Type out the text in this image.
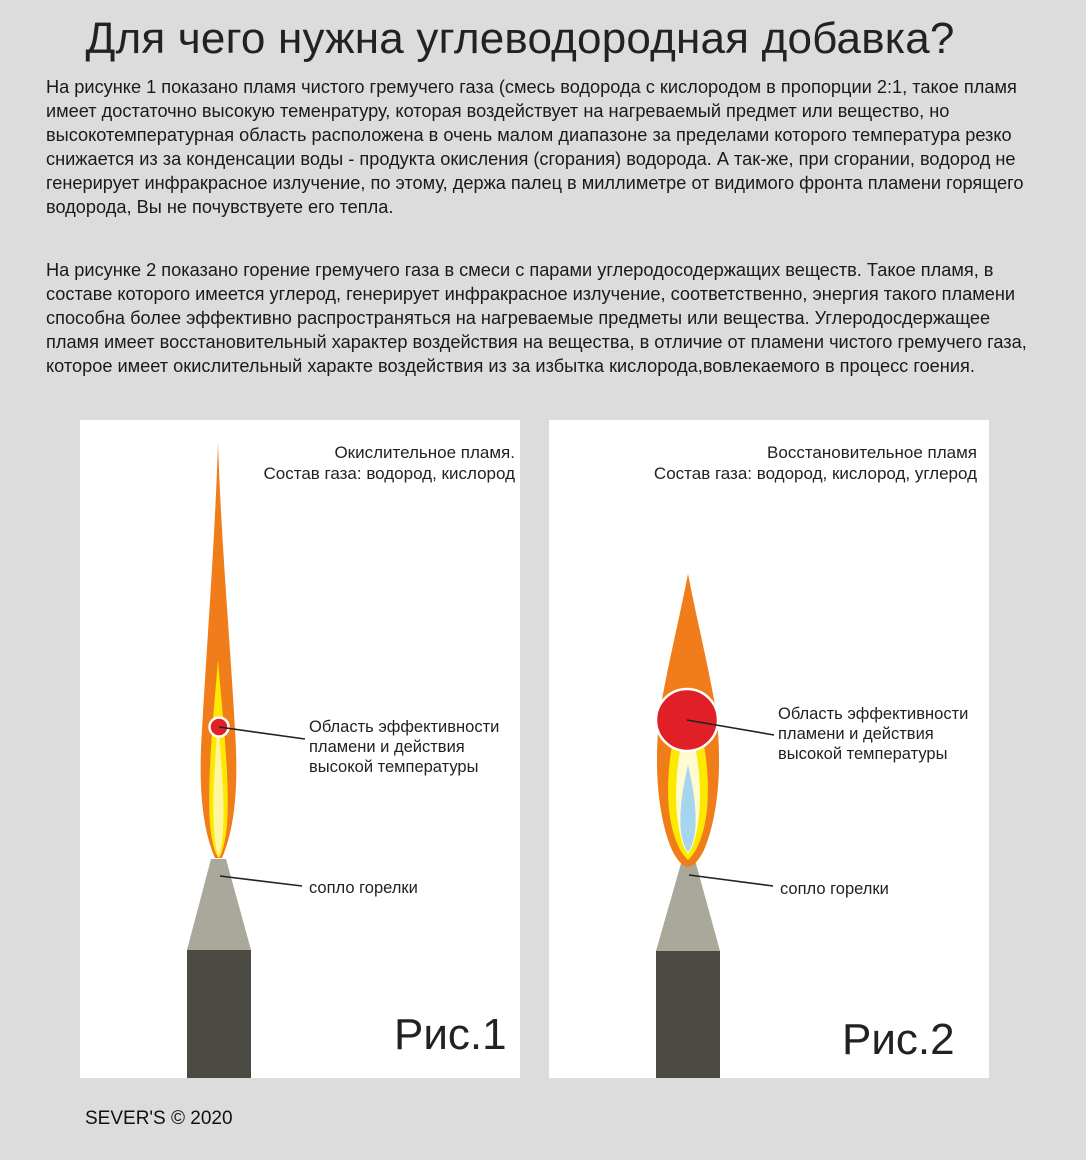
Для чего нужна углеводородная добавка?

На рисунке 1 показано пламя чистого гремучего газа (смесь водорода с кислородом в пропорции 2:1, такое пламя имеет достаточно высокую теменратуру, которая воздействует на нагреваемый предмет или вещество, но высокотемпературная область расположена в очень малом диапазоне за пределами которого температура резко снижается из за конденсации воды - продукта окисления (сгорания) водорода. А так-же, при сгорании, водород не генерирует инфракрасное излучение, по этому, держа палец в миллиметре от видимого фронта пламени горящего водорода, Вы не почувствуете его тепла.

На рисунке 2 показано горение гремучего газа в смеси с парами углеродосодержащих веществ. Такое пламя, в составе которого имеется углерод, генерирует инфракрасное излучение, соответственно, энергия такого пламени способна более эффективно распространяться на нагреваемые предметы или вещества. Углеродосдержащее пламя имеет восстановительный характер воздействия на вещества, в отличие от пламени чистого гремучего газа, которое имеет окислительный характе воздействия из за избытка кислорода,вовлекаемого в процесс гоения.

Окислительное пламя.
Состав газа: водород, кислород
Область эффективности
пламени и действия
высокой температуры
сопло горелки
Рис.1
Восстановительное пламя
Состав газа: водород, кислород, углерод
Область эффективности
пламени и действия
высокой температуры
сопло горелки
Рис.2
SEVER'S © 2020
